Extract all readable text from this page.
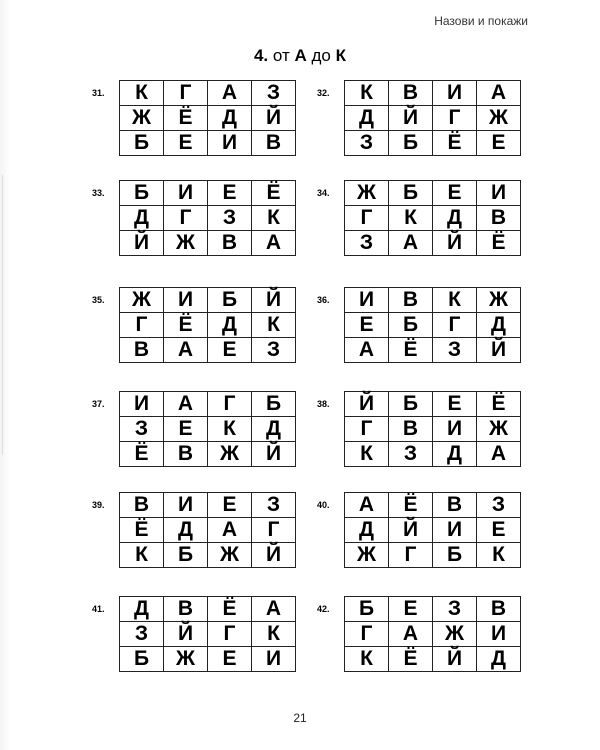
Назови и покажи
4. от А до К
31.	К	Г	А	З
Ж	Ё	Д	Й
Б	Е	И	В
32.	К	В	И	А
Д	Й	Г	Ж
З	Б	Ё	Е
33.	Б	И	Е	Ё
Д	Г	З	К
Й	Ж	В	А
34.	Ж	Б	Е	И
Г	К	Д	В
З	А	Й	Ё
35.	Ж	И	Б	Й
Г	Ё	Д	К
В	А	Е	З
36.	И	В	К	Ж
Е	Б	Г	Д
А	Ё	З	Й
37.	И	А	Г	Б
З	Е	К	Д
Ё	В	Ж	Й
38.	Й	Б	Е	Ё
Г	В	И	Ж
К	З	Д	А
39.	В	И	Е	З
Ё	Д	А	Г
К	Б	Ж	Й
40.	А	Ё	В	З
Д	Й	И	Е
Ж	Г	Б	К
41.	Д	В	Ё	А
З	Й	Г	К
Б	Ж	Е	И
42.	Б	Е	З	В
Г	А	Ж	И
К	Ё	Й	Д
21
